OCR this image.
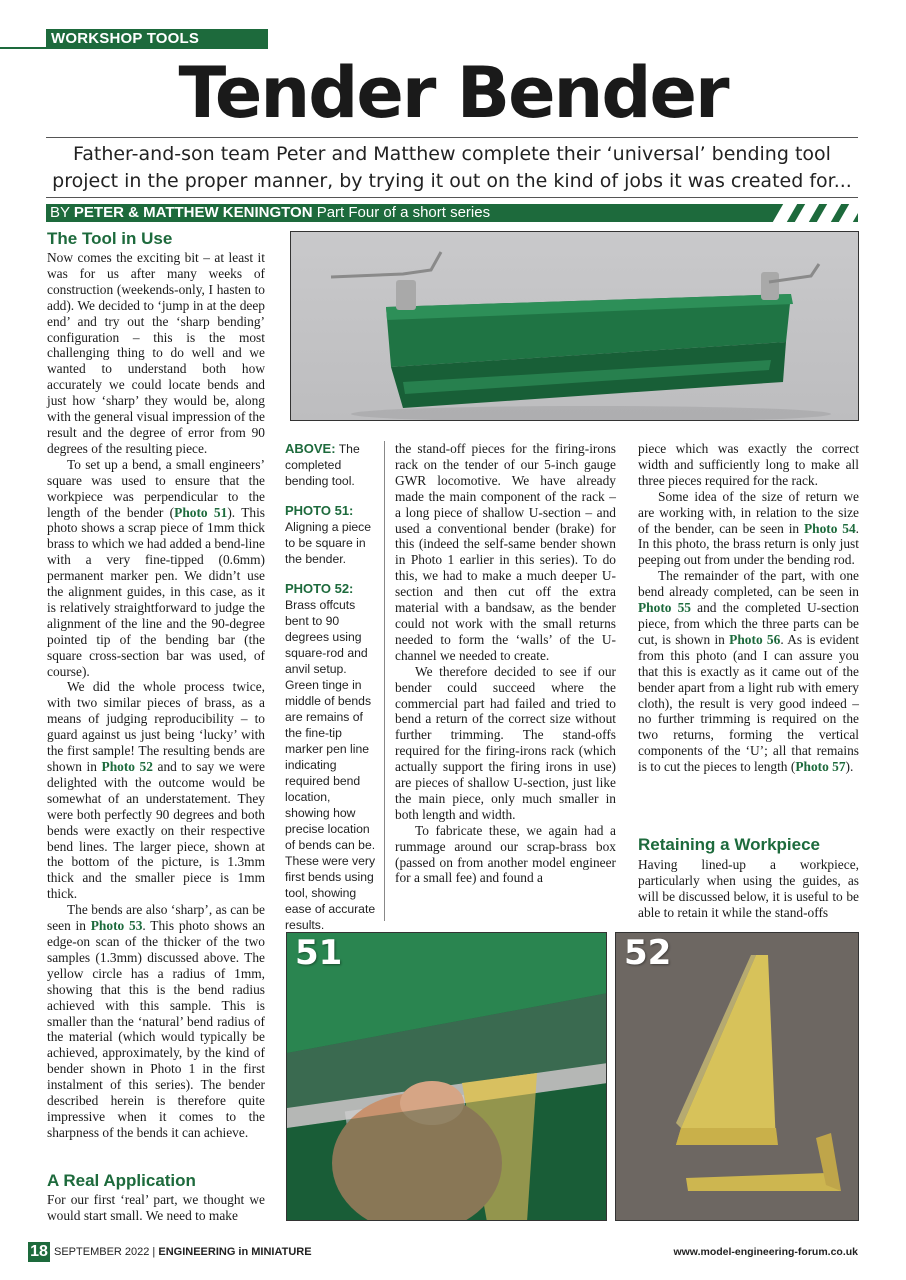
WORKSHOP TOOLS
Tender Bender
Father-and-son team Peter and Matthew complete their ‘universal’ bending tool project in the proper manner, by trying it out on the kind of jobs it was created for...
BY PETER & MATTHEW KENINGTON Part Four of a short series
The Tool in Use

Now comes the exciting bit – at least it was for us after many weeks of construction (weekends-only, I hasten to add). We decided to ‘jump in at the deep end’ and try out the ‘sharp bending’ configuration – this is the most challenging thing to do well and we wanted to understand both how accurately we could locate bends and just how ‘sharp’ they would be, along with the general visual impression of the result and the degree of error from 90 degrees of the resulting piece.

To set up a bend, a small engineers’ square was used to ensure that the workpiece was perpendicular to the length of the bender (Photo 51). This photo shows a scrap piece of 1mm thick brass to which we had added a bend-line with a very fine-tipped (0.6mm) permanent marker pen. We didn’t use the alignment guides, in this case, as it is relatively straightforward to judge the alignment of the line and the 90-degree pointed tip of the bending bar (the square cross-section bar was used, of course).

We did the whole process twice, with two similar pieces of brass, as a means of judging reproducibility – to guard against us just being ‘lucky’ with the first sample! The resulting bends are shown in Photo 52 and to say we were delighted with the outcome would be somewhat of an understatement. They were both perfectly 90 degrees and both bends were exactly on their respective bend lines. The larger piece, shown at the bottom of the picture, is 1.3mm thick and the smaller piece is 1mm thick.

The bends are also ‘sharp’, as can be seen in Photo 53. This photo shows an edge-on scan of the thicker of the two samples (1.3mm) discussed above. The yellow circle has a radius of 1mm, showing that this is the bend radius achieved with this sample. This is smaller than the ‘natural’ bend radius of the material (which would typically be achieved, approximately, by the kind of bender shown in Photo 1 in the first instalment of this series). The bender described herein is therefore quite impressive when it comes to the sharpness of the bends it can achieve.

A Real Application

For our first ‘real’ part, we thought we would start small. We need to make

ABOVE: The completed bending tool.

PHOTO 51:
Aligning a piece to be square in the bender.

PHOTO 52:
Brass offcuts bent to 90 degrees using square-rod and anvil setup. Green tinge in middle of bends are remains of the fine-tip marker pen line indicating required bend location, showing how precise location of bends can be. These were very first bends using tool, showing ease of accurate results.

the stand-off pieces for the firing-irons rack on the tender of our 5-inch gauge GWR locomotive. We have already made the main component of the rack – a long piece of shallow U-section – and used a conventional bender (brake) for this (indeed the self-same bender shown in Photo 1 earlier in this series). To do this, we had to make a much deeper U-section and then cut off the extra material with a bandsaw, as the bender could not work with the small returns needed to form the ‘walls’ of the U-channel we needed to create.

We therefore decided to see if our bender could succeed where the commercial part had failed and tried to bend a return of the correct size without further trimming. The stand-offs required for the firing-irons rack (which actually support the firing irons in use) are pieces of shallow U-section, just like the main piece, only much smaller in both length and width.

To fabricate these, we again had a rummage around our scrap-brass box (passed on from another model engineer for a small fee) and found a

piece which was exactly the correct width and sufficiently long to make all three pieces required for the rack.

Some idea of the size of return we are working with, in relation to the size of the bender, can be seen in Photo 54. In this photo, the brass return is only just peeping out from under the bending rod.

The remainder of the part, with one bend already completed, can be seen in Photo 55 and the completed U-section piece, from which the three parts can be cut, is shown in Photo 56. As is evident from this photo (and I can assure you that this is exactly as it came out of the bender apart from a light rub with emery cloth), the result is very good indeed – no further trimming is required on the two returns, forming the vertical components of the ‘U’; all that remains is to cut the pieces to length (Photo 57).

Retaining a Workpiece

Having lined-up a workpiece, particularly when using the guides, as will be discussed below, it is useful to be able to retain it while the stand-offs

51	52
18 SEPTEMBER 2022 | ENGINEERING in MINIATURE	www.model-engineering-forum.co.uk
